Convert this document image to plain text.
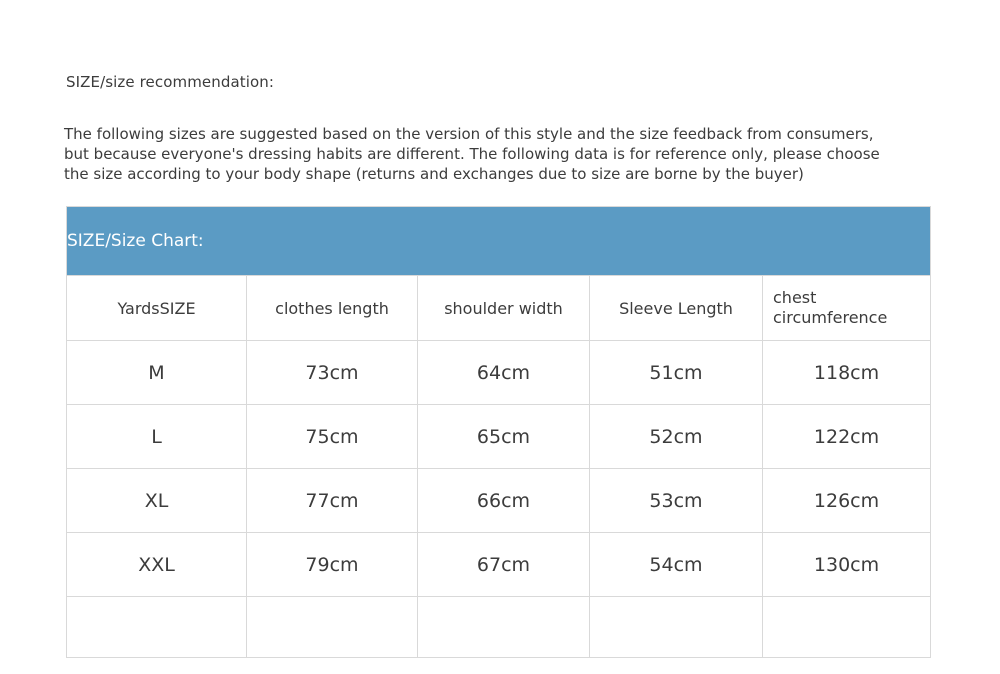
SIZE/size recommendation:

The following sizes are suggested based on the version of this style and the size feedback from consumers,

but because everyone's dressing habits are different. The following data is for reference only, please choose

the size according to your body shape (returns and exchanges due to size are borne by the buyer)

SIZE/Size Chart:				
YardsSIZE	clothes length	shoulder width	Sleeve Length	chest circumference
M	73cm	64cm	51cm	118cm
L	75cm	65cm	52cm	122cm
XL	77cm	66cm	53cm	126cm
XXL	79cm	67cm	54cm	130cm
